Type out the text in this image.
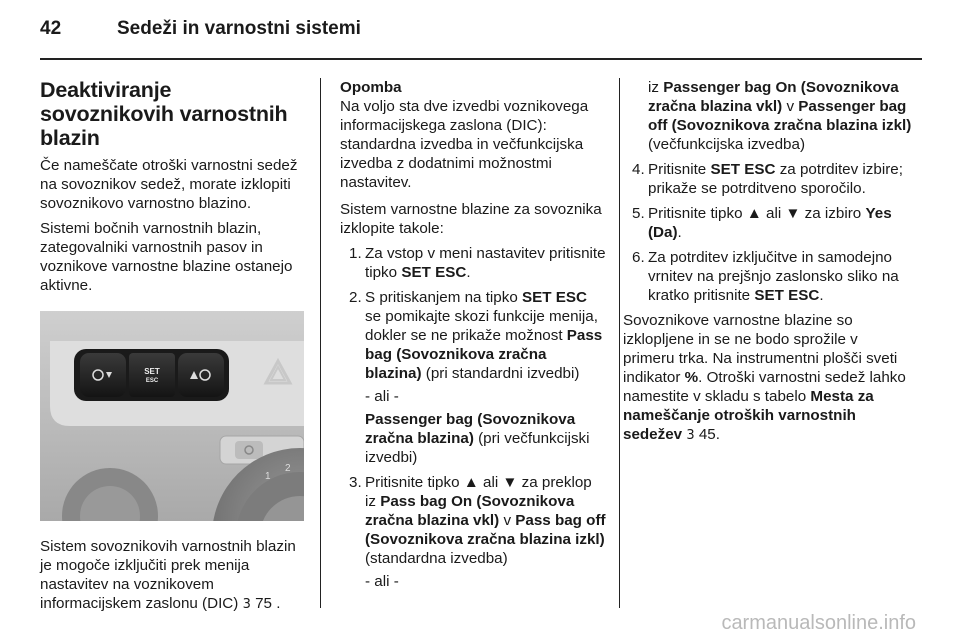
42	Sedeži in varnostni sistemi
Deaktiviranje sovoznikovih varnostnih blazin

Če nameščate otroški varnostni sedež na sovoznikov sedež, morate izklopiti sovoznikovo varnostno blazino.

Sistemi bočnih varnostnih blazin, zategovalniki varnostnih pasov in voznikove varnostne blazine ostanejo aktivne.

SET
ESC
1
2

Sistem sovoznikovih varnostnih blazin je mogoče izključiti prek menija nastavitev na voznikovem informacijskem zaslonu (DIC) 3 75 .

Opomba

Na voljo sta dve izvedbi voznikovega informacijskega zaslona (DIC): standardna izvedba in večfunkcijska izvedba z dodatnimi možnostmi nastavitev.

Sistem varnostne blazine za sovoznika izklopite takole:

1. Za vstop v meni nastavitev pritisnite tipko SET ESC.
2. S pritiskanjem na tipko SET ESC se pomikajte skozi funkcije menija, dokler se ne prikaže možnost Pass bag (Sovoznikova zračna blazina) (pri standardni izvedbi)

- ali -

Passenger bag (Sovoznikova zračna blazina) (pri večfunkcijski izvedbi)

3. Pritisnite tipko ▲ ali ▼ za preklop iz Pass bag On (Sovoznikova zračna blazina vkl) v Pass bag off (Sovoznikova zračna blazina izkl) (standardna izvedba)

- ali -

iz Passenger bag On (Sovoznikova zračna blazina vkl) v Passenger bag off (Sovoznikova zračna blazina izkl) (večfunkcijska izvedba)

4. Pritisnite SET ESC za potrditev izbire; prikaže se potrditveno sporočilo.
5. Pritisnite tipko ▲ ali ▼ za izbiro Yes (Da).
6. Za potrditev izključitve in samodejno vrnitev na prejšnjo zaslonsko sliko na kratko pritisnite SET ESC.

Sovoznikove varnostne blazine so izklopljene in se ne bodo sprožile v primeru trka. Na instrumentni plošči sveti indikator %. Otroški varnostni sedež lahko namestite v skladu s tabelo Mesta za nameščanje otroških varnostnih sedežev 3 45.

carmanualsonline.info
